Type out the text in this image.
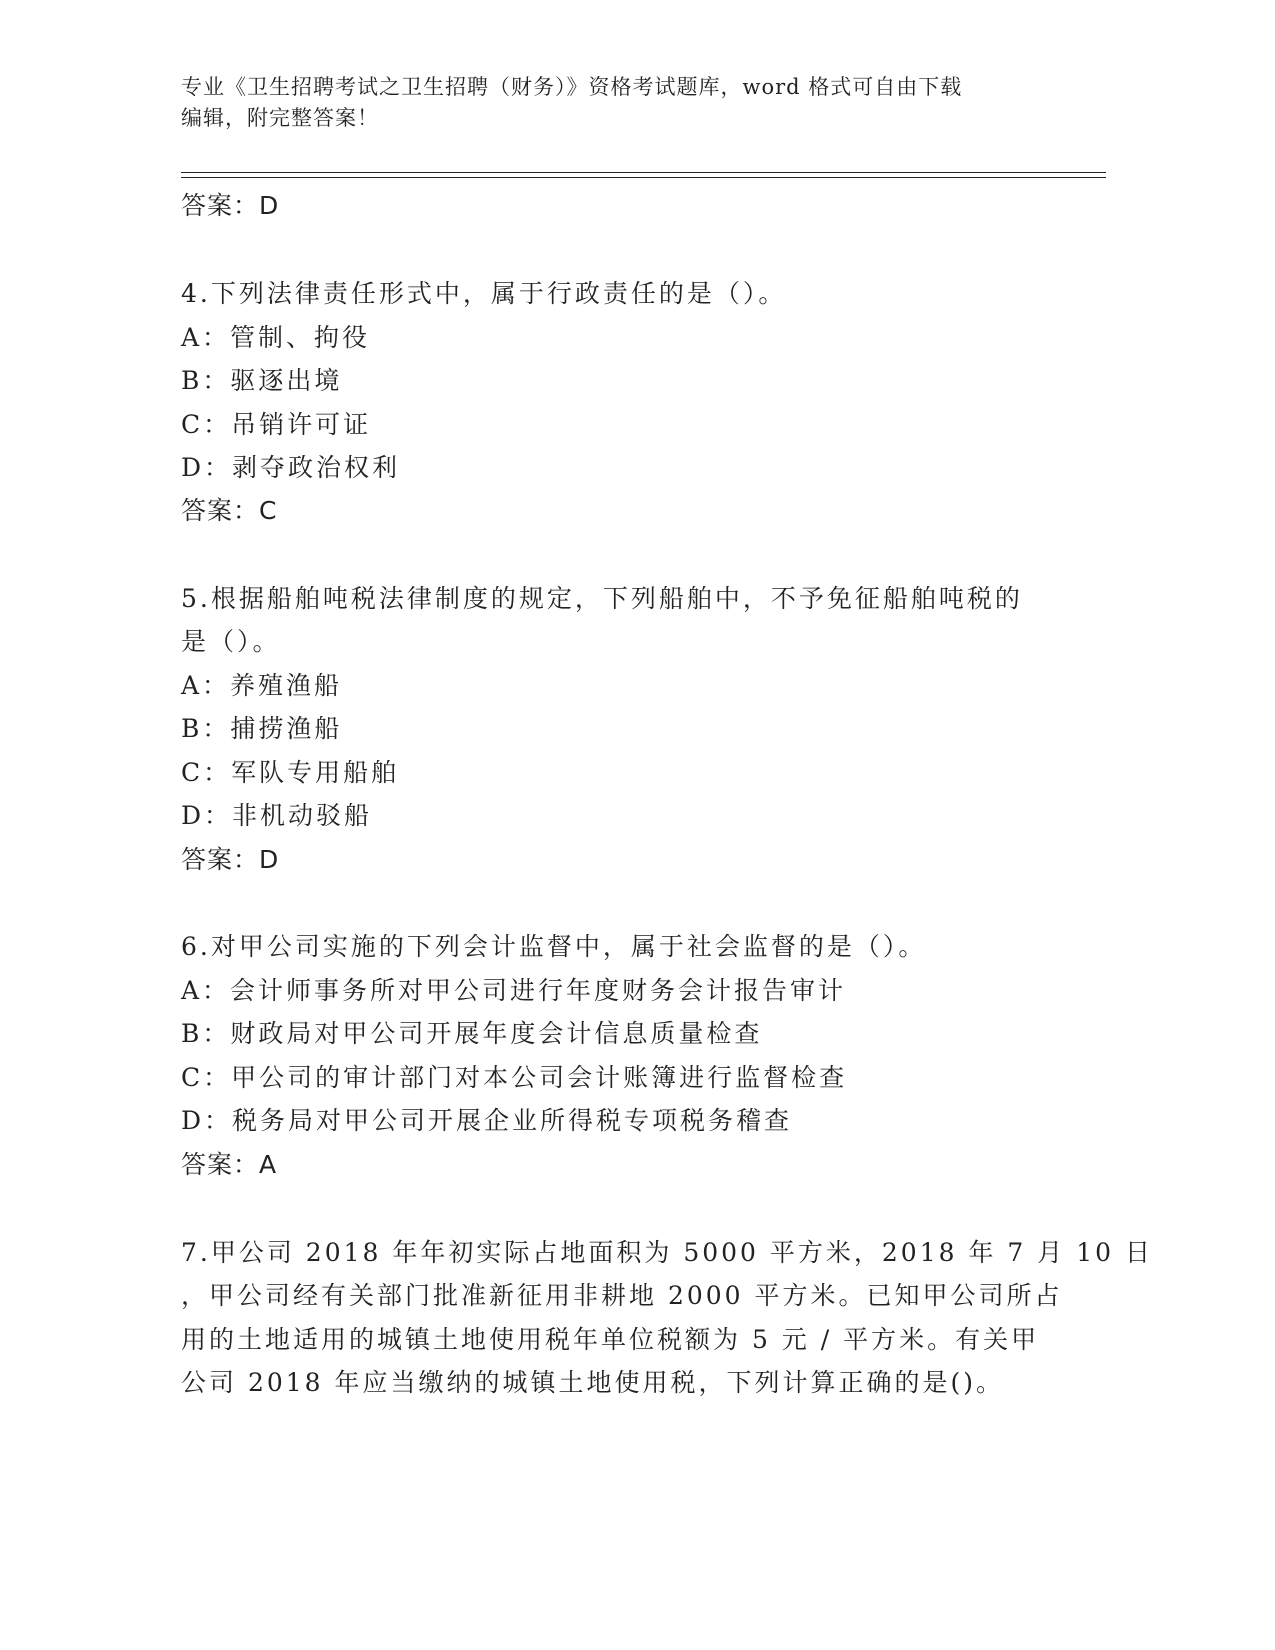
专业《卫生招聘考试之卫生招聘（财务）》资格考试题库，word 格式可自由下载
编辑，附完整答案！
答案：D
4.下列法律责任形式中，属于行政责任的是（）。
A：管制、拘役
B：驱逐出境
C：吊销许可证
D：剥夺政治权利
答案：C
5.根据船舶吨税法律制度的规定，下列船舶中，不予免征船舶吨税的
是（）。
A：养殖渔船
B：捕捞渔船
C：军队专用船舶
D：非机动驳船
答案：D
6.对甲公司实施的下列会计监督中，属于社会监督的是（）。
A：会计师事务所对甲公司进行年度财务会计报告审计
B：财政局对甲公司开展年度会计信息质量检查
C：甲公司的审计部门对本公司会计账簿进行监督检查
D：税务局对甲公司开展企业所得税专项税务稽查
答案：A
7.甲公司 2018 年年初实际占地面积为 5000 平方米，2018 年 7 月 10 日
，甲公司经有关部门批准新征用非耕地 2000 平方米。已知甲公司所占
用的土地适用的城镇土地使用税年单位税额为 5 元 / 平方米。有关甲
公司 2018 年应当缴纳的城镇土地使用税，下列计算正确的是()。
